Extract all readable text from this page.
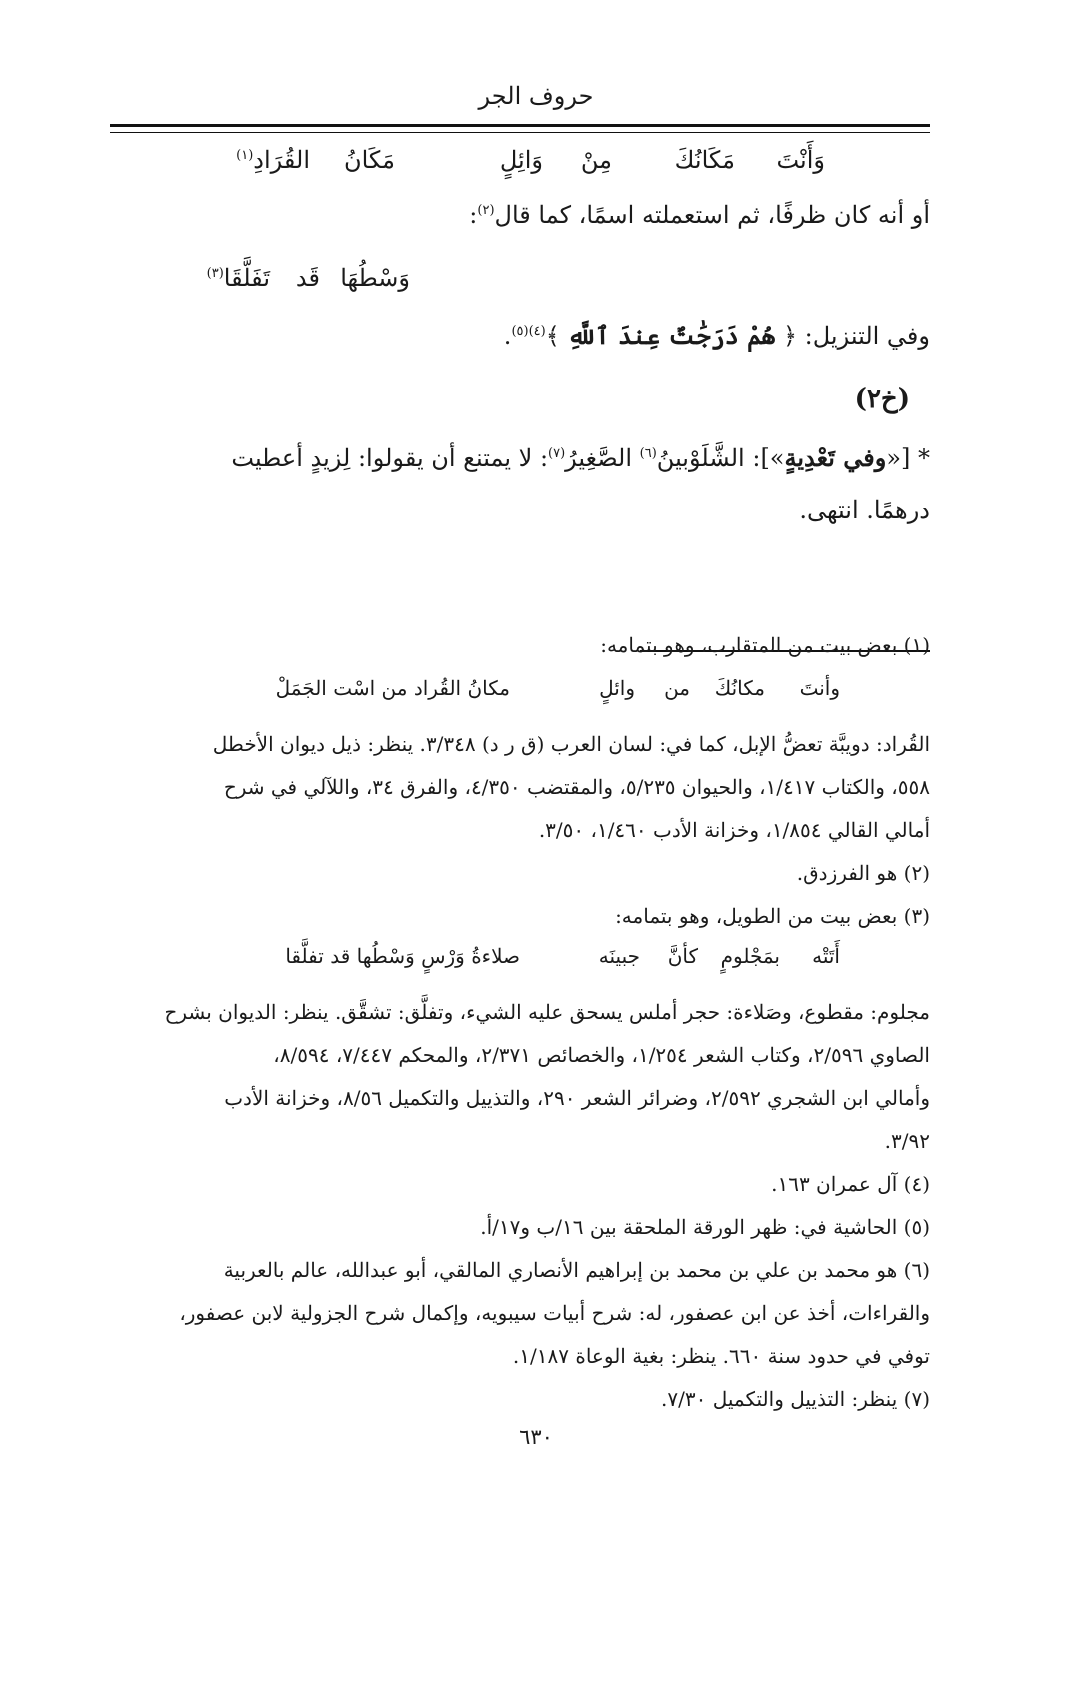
حروف الجر
وَأَنْتَ
مَكَانُكَ
مِنْ
وَائِلٍ
مَكَانُ
القُرَادِ$^{(١)}$
أو أنه كان ظرفًا، ثم استعملته اسمًا، كما قال$^{(٢)}$:
وَسْطُهَا
قَد
تَفَلَّقَا$^{(٣)}$
وفي التنزيل: ﴿ هُمْ دَرَجَٰتٌ عِندَ ٱللَّهِ ﴾$^{(٤)(٥)}$.
(خ٢)
* [«وفي تَعْدِيةٍ»]: الشَّلَوْبينُ$^{(٦)}$ الصَّغِيرُ$^{(٧)}$: لا يمتنع أن يقولوا: لِزيدٍ أعطيت
درهمًا. انتهى.
(١) بعض بيت من المتقارب، وهو بتمامه:
وأنتَ
مكانُكَ
من
وائلٍ
مكانُ القُراد من اسْت الجَمَلْ
القُراد: دويبَّة تعضُّ الإبل، كما في: لسان العرب (ق ر د) ٣/٣٤٨. ينظر: ذيل ديوان الأخطل
٥٥٨، والكتاب ١/٤١٧، والحيوان ٥/٢٣٥، والمقتضب ٤/٣٥٠، والفرق ٣٤، واللآلي في شرح
أمالي القالي ١/٨٥٤، وخزانة الأدب ١/٤٦٠، ٣/٥٠.
(٢) هو الفرزدق.
(٣) بعض بيت من الطويل، وهو بتمامه:
أَتَتْه
بمَجْلومٍ
كأنَّ
جبينَه
صلاءةُ وَرْسٍ وَسْطُها قد تفلَّقا
مجلوم: مقطوع، وصَلاءة: حجر أملس يسحق عليه الشيء، وتفلَّق: تشقَّق. ينظر: الديوان بشرح
الصاوي ٢/٥٩٦، وكتاب الشعر ١/٢٥٤، والخصائص ٢/٣٧١، والمحكم ٧/٤٤٧، ٨/٥٩٤،
وأمالي ابن الشجري ٢/٥٩٢، وضرائر الشعر ٢٩٠، والتذييل والتكميل ٨/٥٦، وخزانة الأدب
٣/٩٢.
(٤) آل عمران ١٦٣.
(٥) الحاشية في: ظهر الورقة الملحقة بين ١٦/ب و١٧/أ.
(٦) هو محمد بن علي بن محمد بن إبراهيم الأنصاري المالقي، أبو عبدالله، عالم بالعربية
والقراءات، أخذ عن ابن عصفور، له: شرح أبيات سيبويه، وإكمال شرح الجزولية لابن عصفور،
توفي في حدود سنة ٦٦٠. ينظر: بغية الوعاة ١/١٨٧.
(٧) ينظر: التذييل والتكميل ٧/٣٠.
٦٣٠
